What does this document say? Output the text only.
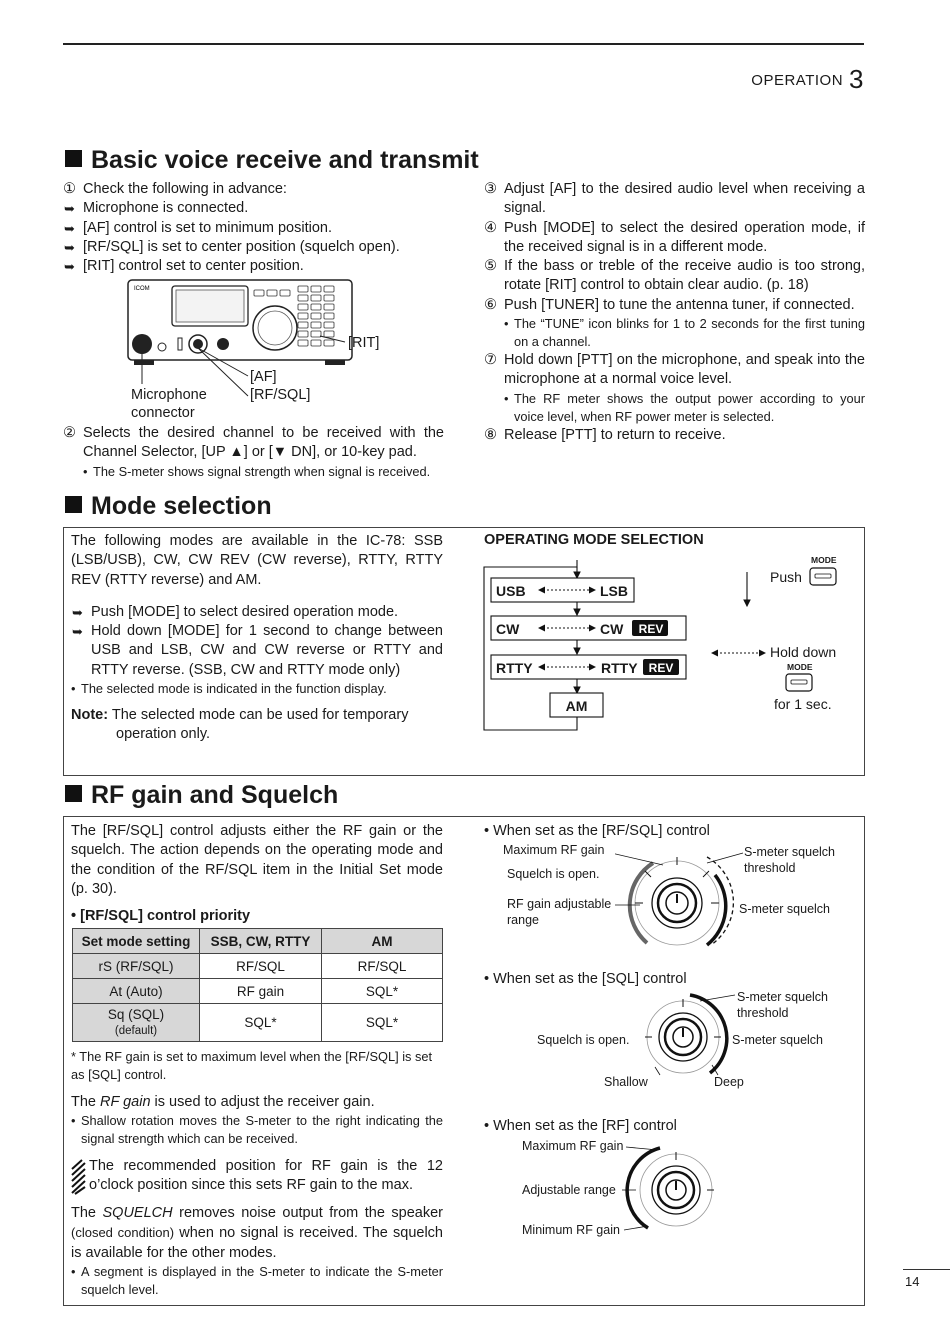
OPERATION 3
Basic voice receive and transmit
① Check the following in advance:
➥ Microphone is connected.
➥ [AF] control is set to minimum position.
➥ [RF/SQL] is set to center position (squelch open).
➥ [RIT] control set to center position.
ICOM
[RIT]
[AF]
[RF/SQL]
Microphone
connector
② Selects the desired channel to be received with the Channel Selector, [UP ▲] or [▼ DN], or 10-key pad.
• The S-meter shows signal strength when signal is received.
③ Adjust [AF] to the desired audio level when receiving a signal.
④ Push [MODE] to select the desired operation mode, if the received signal is in a different mode.
⑤ If the bass or treble of the receive audio is too strong, rotate [RIT] control to obtain clear audio. (p. 18)
⑥ Push [TUNER] to tune the antenna tuner, if connected.
• The “TUNE” icon blinks for 1 to 2 seconds for the first tuning on a channel.
⑦ Hold down [PTT] on the microphone, and speak into the microphone at a normal voice level.
• The RF meter shows the output power according to your voice level, when RF power meter is selected.
⑧ Release [PTT] to return to receive.
Mode selection
The following modes are available in the IC-78: SSB (LSB/USB), CW, CW REV (CW reverse), RTTY, RTTY REV (RTTY reverse) and AM.
➥ Push [MODE] to select desired operation mode.
➥ Hold down [MODE] for 1 second to change between USB and LSB, CW and CW reverse or RTTY and RTTY reverse. (SSB, CW and RTTY mode only)
• The selected mode is indicated in the function display.
Note: The selected mode can be used for temporary
operation only.
OPERATING MODE SELECTION
USB	LSB
CW	CW	REV
RTTY	RTTY REV
AM
MODE
Push
Hold down
MODE
for 1 sec.
RF gain and Squelch
The [RF/SQL] control adjusts either the RF gain or the squelch. The action depends on the operating mode and the condition of the RF/SQL item in the Initial Set mode (p. 30).
• [RF/SQL] control priority
Set mode setting	SSB, CW, RTTY	AM
rS (RF/SQL)	RF/SQL	RF/SQL
At (Auto)	RF gain	SQL*
Sq (SQL)
(default)	SQL*	SQL*
* The RF gain is set to maximum level when the [RF/SQL] is set as [SQL] control.
The RF gain is used to adjust the receiver gain.
• Shallow rotation moves the S-meter to the right indicating the signal strength which can be received.
The recommended position for RF gain is the 12 o’clock position since this sets RF gain to the max.
The SQUELCH removes noise output from the speaker (closed condition) when no signal is received. The squelch is available for the other modes.
• A segment is displayed in the S-meter to indicate the S-meter squelch level.
• When set as the [RF/SQL] control
Maximum RF gain
Squelch is open.
RF gain adjustable
range
S-meter squelch
threshold
S-meter squelch
• When set as the [SQL] control
S-meter squelch
threshold
Squelch is open.	S-meter squelch
Shallow	Deep
• When set as the [RF] control
Maximum RF gain
Adjustable range
Minimum RF gain
14
